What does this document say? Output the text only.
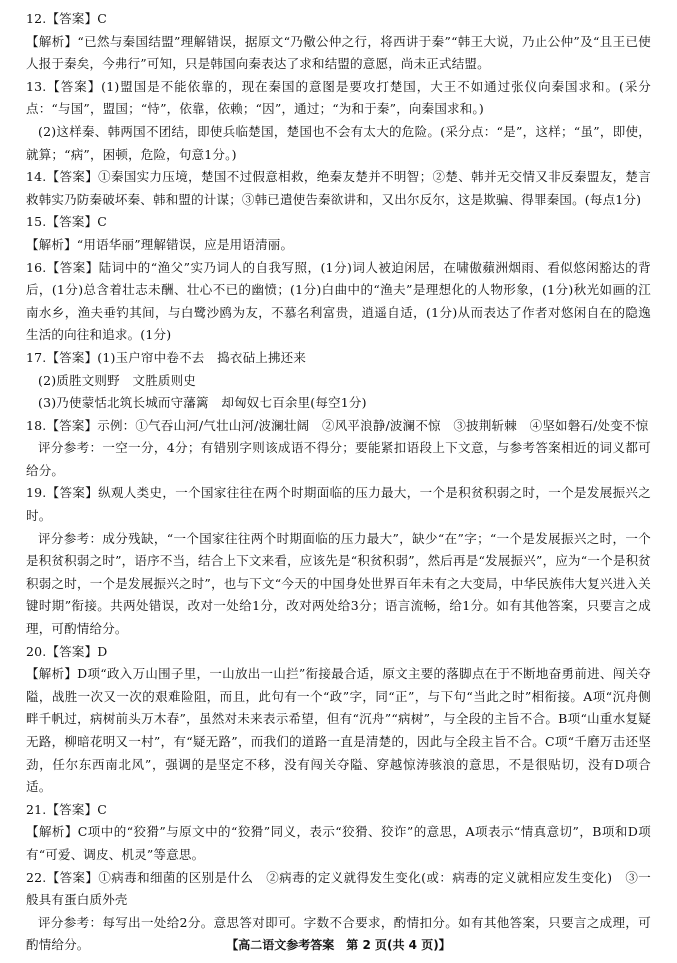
12.【答案】C

【解析】“已然与秦国结盟”理解错误，据原文“乃儆公仲之行，将西讲于秦”“韩王大说，乃止公仲”及“且王已使人报于秦矣，今弗行”可知，只是韩国向秦表达了求和结盟的意愿，尚未正式结盟。

13.【答案】(1)盟国是不能依靠的，现在秦国的意图是要攻打楚国，大王不如通过张仪向秦国求和。(采分点：“与国”，盟国；“恃”，依靠，依赖；“因”，通过；“为和于秦”，向秦国求和。)

(2)这样秦、韩两国不团结，即使兵临楚国，楚国也不会有太大的危险。(采分点：“是”，这样；“虽”，即使，就算；“病”，困顿，危险，句意1分。)

14.【答案】①秦国实力压境，楚国不过假意相救，绝秦友楚并不明智；②楚、韩并无交情又非反秦盟友，楚言救韩实乃防秦破坏秦、韩和盟的计谋；③韩已遣使告秦欲讲和，又出尔反尔，这是欺骗、得罪秦国。(每点1分)

15.【答案】C

【解析】“用语华丽”理解错误，应是用语清丽。

16.【答案】陆词中的“渔父”实乃词人的自我写照，(1分)词人被迫闲居，在啸傲蘋洲烟雨、看似悠闲豁达的背后，(1分)总含着壮志未酬、壮心不已的幽愤；(1分)白曲中的“渔夫”是理想化的人物形象，(1分)秋光如画的江南水乡，渔夫垂钓其间，与白鹭沙鸥为友，不慕名利富贵，逍遥自适，(1分)从而表达了作者对悠闲自在的隐逸生活的向往和追求。(1分)

17.【答案】(1)玉户帘中卷不去　捣衣砧上拂还来

(2)质胜文则野　文胜质则史

(3)乃使蒙恬北筑长城而守藩篱　却匈奴七百余里(每空1分)

18.【答案】示例：①气吞山河/气壮山河/波澜壮阔　②风平浪静/波澜不惊　③披荆斩棘　④坚如磐石/处变不惊

评分参考：一空一分，4分；有错别字则该成语不得分；要能紧扣语段上下文意，与参考答案相近的词义都可给分。

19.【答案】纵观人类史，一个国家往往在两个时期面临的压力最大，一个是积贫积弱之时，一个是发展振兴之时。

评分参考：成分残缺，“一个国家往往两个时期面临的压力最大”，缺少“在”字；“一个是发展振兴之时，一个是积贫积弱之时”，语序不当，结合上下文来看，应该先是“积贫积弱”，然后再是“发展振兴”，应为“一个是积贫积弱之时，一个是发展振兴之时”，也与下文“今天的中国身处世界百年未有之大变局，中华民族伟大复兴进入关键时期”衔接。共两处错误，改对一处给1分，改对两处给3分；语言流畅，给1分。如有其他答案，只要言之成理，可酌情给分。

20.【答案】D

【解析】D项“政入万山围子里，一山放出一山拦”衔接最合适，原文主要的落脚点在于不断地奋勇前进、闯关夺隘，战胜一次又一次的艰难险阻，而且，此句有一个“政”字，同“正”，与下句“当此之时”相衔接。A项“沉舟侧畔千帆过，病树前头万木春”，虽然对未来表示希望，但有“沉舟”“病树”，与全段的主旨不合。B项“山重水复疑无路，柳暗花明又一村”，有“疑无路”，而我们的道路一直是清楚的，因此与全段主旨不合。C项“千磨万击还坚劲，任尔东西南北风”，强调的是坚定不移，没有闯关夺隘、穿越惊涛骇浪的意思，不是很贴切，没有D项合适。

21.【答案】C

【解析】C项中的“狡猾”与原文中的“狡猾”同义，表示“狡猾、狡诈”的意思，A项表示“情真意切”，B项和D项有“可爱、调皮、机灵”等意思。

22.【答案】①病毒和细菌的区别是什么　②病毒的定义就得发生变化(或：病毒的定义就相应发生变化)　③一般具有蛋白质外壳

评分参考：每写出一处给2分。意思答对即可。字数不合要求，酌情扣分。如有其他答案，只要言之成理，可酌情给分。	【高二语文参考答案　第 2 页(共 4 页)】
